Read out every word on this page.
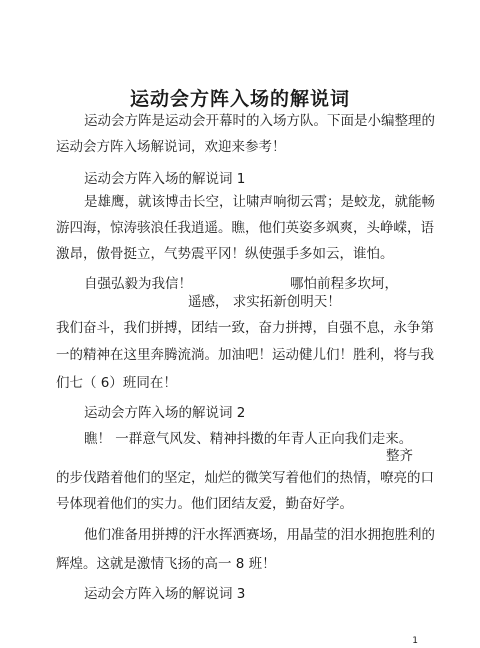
运动会方阵入场的解说词
运动会方阵是运动会开幕时的入场方队。下面是小编整理的
运动会方阵入场解说词，欢迎来参考！
运动会方阵入场的解说词 1
是雄鹰，就该博击长空，让啸声响彻云霄；是蛟龙，就能畅
游四海，惊涛骇浪任我逍遥。瞧，他们英姿多飒爽，头峥嵘，语
激昂，傲骨挺立，气势震平冈！纵使强手多如云，谁怕。
自强弘毅为我信！	哪怕前程多坎坷，
遥感， 求实拓新创明天！
我们奋斗，我们拼搏，团结一致，奋力拼搏，自强不息，永争第
一的精神在这里奔腾流淌。加油吧！运动健儿们！胜利，将与我
们七（ 6）班同在！
运动会方阵入场的解说词 2
瞧！ 一群意气风发、精神抖擞的年青人正向我们走来。
整齐
的步伐踏着他们的坚定，灿烂的微笑写着他们的热情，嘹亮的口
号体现着他们的实力。他们团结友爱，勤奋好学。
他们准备用拼搏的汗水挥洒赛场，用晶莹的泪水拥抱胜利的
辉煌。这就是激情飞扬的高一 8 班！
运动会方阵入场的解说词 3
1
